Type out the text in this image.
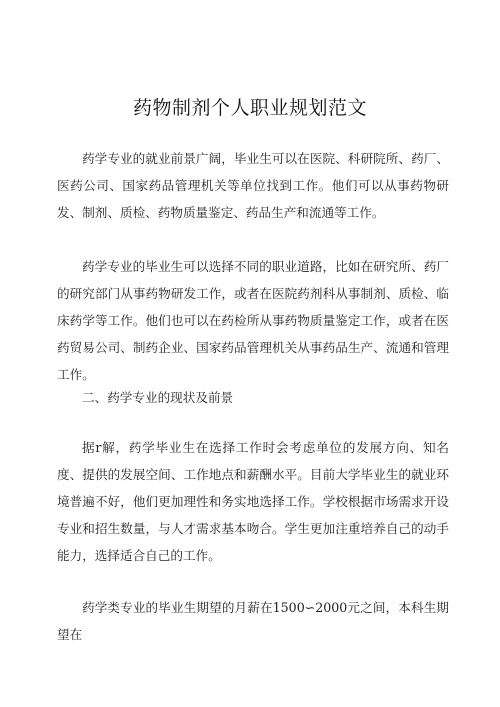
药物制剂个人职业规划范文

药学专业的就业前景广阔，毕业生可以在医院、科研院所、药厂、医药公司、国家药品管理机关等单位找到工作。他们可以从事药物研发、制剂、质检、药物质量鉴定、药品生产和流通等工作。

药学专业的毕业生可以选择不同的职业道路，比如在研究所、药厂的研究部门从事药物研发工作，或者在医院药剂科从事制剂、质检、临床药学等工作。他们也可以在药检所从事药物质量鉴定工作，或者在医药贸易公司、制药企业、国家药品管理机关从事药品生产、流通和管理工作。

二、药学专业的现状及前景

据r解，药学毕业生在选择工作时会考虑单位的发展方向、知名度、提供的发展空间、工作地点和薪酬水平。目前大学毕业生的就业环境普遍不好，他们更加理性和务实地选择工作。学校根据市场需求开设专业和招生数量，与人才需求基本吻合。学生更加注重培养自己的动手能力，选择适合自己的工作。

药学类专业的毕业生期望的月薪在1500∽2000元之间，本科生期望在
